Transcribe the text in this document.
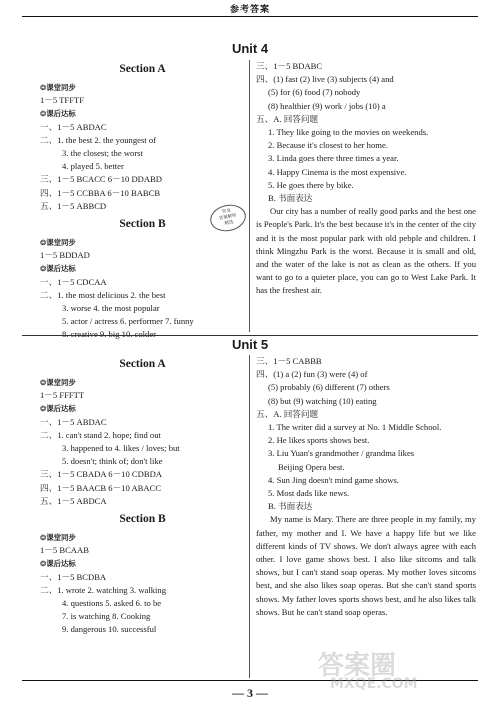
参考答案
Unit 4
Section A
❂课堂同步
1－5 TFFTF
❂课后达标
一、1－5 ABDAC
二、1. the best 2. the youngest of
3. the closest; the worst
4. played 5. better
三、1－5 BCACC 6－10 DDABD
四、1－5 CCBBA 6－10 BABCB
五、1－5 ABBCD
Section B
❂课堂同步
1－5 BDDAD
❂课后达标
一、1－5 CDCAA
二、1. the most delicious 2. the best
3. worse 4. the most popular
5. actor / actress 6. performer 7. funny
8. creative 9. big 10. colder
三、1－5 BDABC
四、(1) fast (2) live (3) subjects (4) and
(5) for (6) food (7) nobody
(8) healthier (9) work / jobs (10) a
五、A. 回答问题
1. They like going to the movies on weekends.
2. Because it's closest to her home.
3. Linda goes there three times a year.
4. Happy Cinema is the most expensive.
5. He goes there by bike.
B. 书面表达
Our city has a number of really good parks and the best one is People's Park. It's the best because it's in the center of the city and it is the most popular park with old pebple and children. I think Mingzhu Park is the worst. Because it is small and old, and the water of the lake is not as clean as the others. If you want to go to a quieter place, you can go to West Lake Park. It has the freshest air.
作业
答案解析
精选
Unit 5
Section A
❂课堂同步
1－5 FFFTT
❂课后达标
一、1－5 ABDAC
二、1. can't stand 2. hope; find out
3. happened to 4. likes / loves; but
5. doesn't; think of; don't like
三、1－5 CBADA 6－10 CDBDA
四、1－5 BAACB 6－10 ABACC
五、1－5 ABDCA
Section B
❂课堂同步
1－5 BCAAB
❂课后达标
一、1－5 BCDBA
二、1. wrote 2. watching 3. walking
4. questions 5. asked 6. to be
7. is watching 8. Cooking
9. dangerous 10. successful
三、1－5 CABBB
四、(1) a (2) fun (3) were (4) of
(5) probably (6) different (7) others
(8) but (9) watching (10) eating
五、A. 回答问题
1. The writer did a survey at No. 1 Middle School.
2. He likes sports shows best.
3. Liu Yuan's grandmother / grandma likes
Beijing Opera best.
4. Sun Jing doesn't mind game shows.
5. Most dads like news.
B. 书面表达
My name is Mary. There are three people in my family, my father, my mother and I. We have a happy life but we like different kinds of TV shows. We don't always agree with each other. I love game shows best. I also like sitcoms and talk shows, but I can't stand soap operas. My mother loves sitcoms best, and she also likes soap operas. But she can't stand sports shows. My father loves sports shows best, and he also likes talk shows. But he can't stand soap operas.
— 3 —
答案圈
MXQE.COM
